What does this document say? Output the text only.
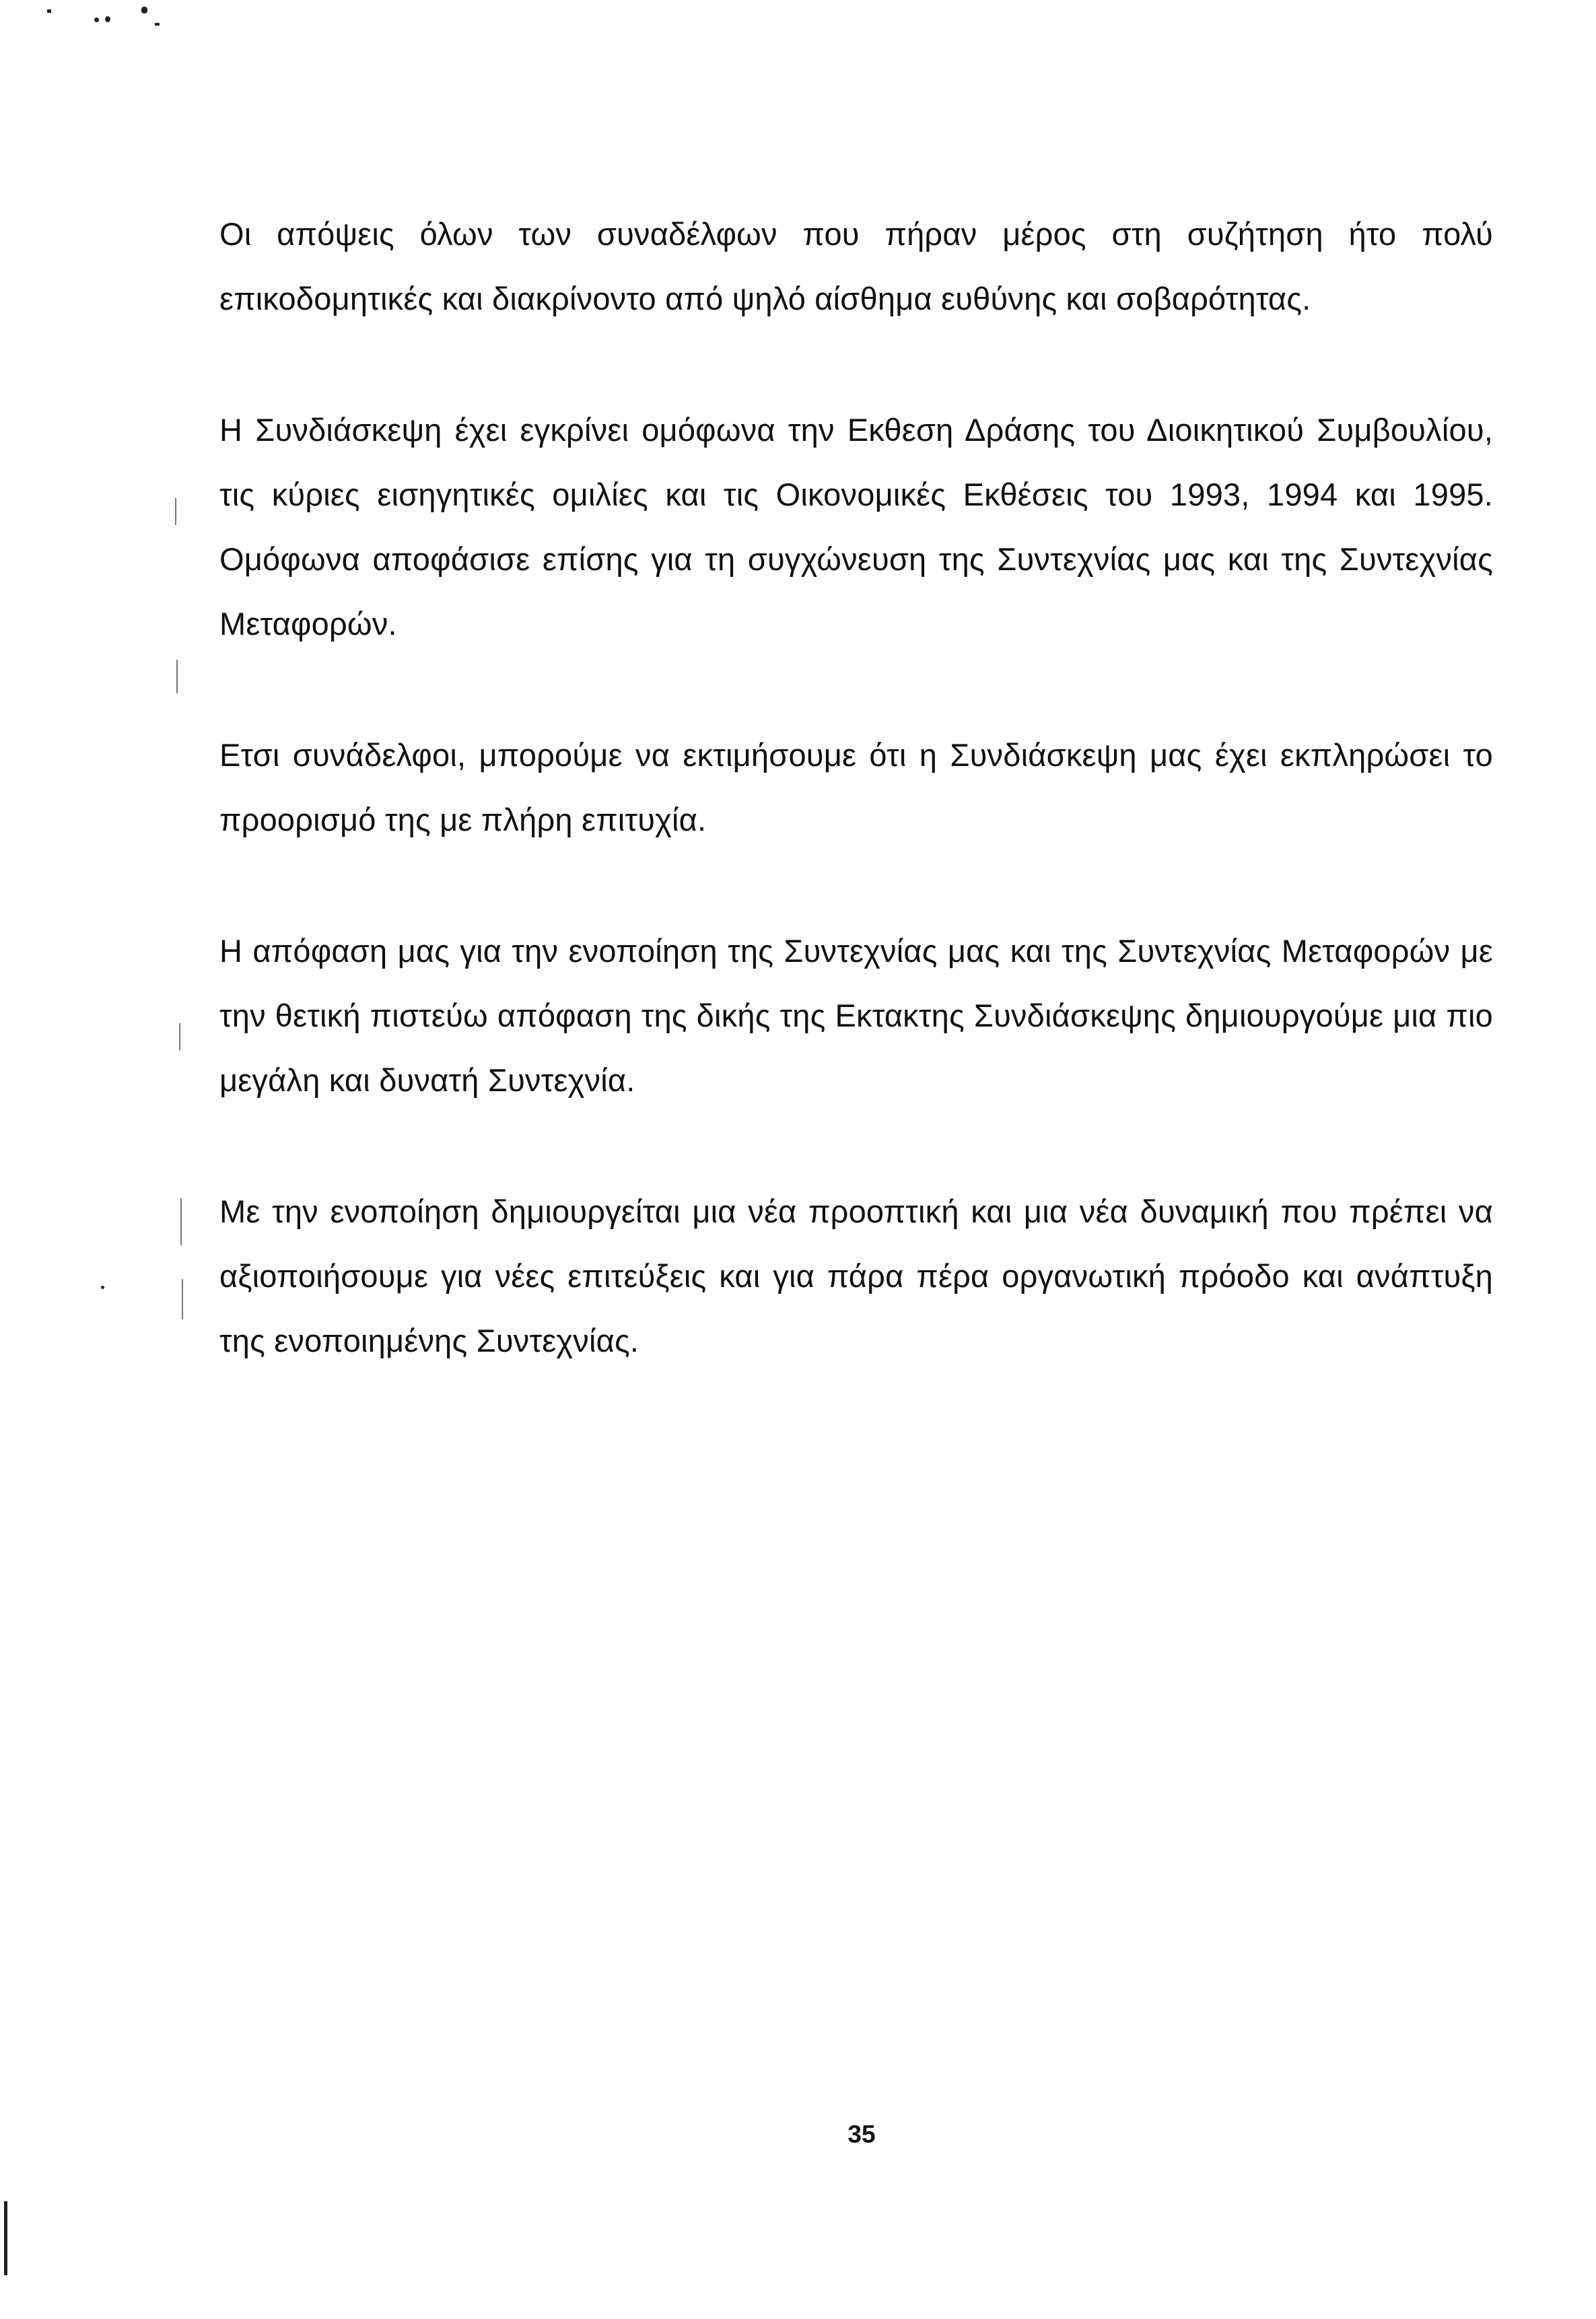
Οι απόψεις όλων των συναδέλφων που πήραν μέρος στη συζήτηση ήτο πολύ επικοδομητικές και διακρίνοντο από ψηλό αίσθημα ευθύνης και σοβαρότητας.

Η Συνδιάσκεψη έχει εγκρίνει ομόφωνα την Εκθεση Δράσης του Διοικητικού Συμβουλίου, τις κύριες εισηγητικές ομιλίες και τις Οικονομικές Εκθέσεις του 1993, 1994 και 1995. Ομόφωνα αποφάσισε επίσης για τη συγχώνευση της Συντεχνίας μας και της Συντεχνίας Μεταφορών.

Ετσι συνάδελφοι, μπορούμε να εκτιμήσουμε ότι η Συνδιάσκεψη μας έχει εκπληρώσει το προορισμό της με πλήρη επιτυχία.

Η απόφαση μας για την ενοποίηση της Συντεχνίας μας και της Συντεχνίας Μεταφορών με την θετική πιστεύω απόφαση της δικής της Εκτακτης Συνδιάσκεψης δημιουργούμε μια πιο μεγάλη και δυνατή Συντεχνία.

Με την ενοποίηση δημιουργείται μια νέα προοπτική και μια νέα δυναμική που πρέπει να αξιοποιήσουμε για νέες επιτεύξεις και για πάρα πέρα οργανωτική πρόοδο και ανάπτυξη της ενοποιημένης Συντεχνίας.

35
